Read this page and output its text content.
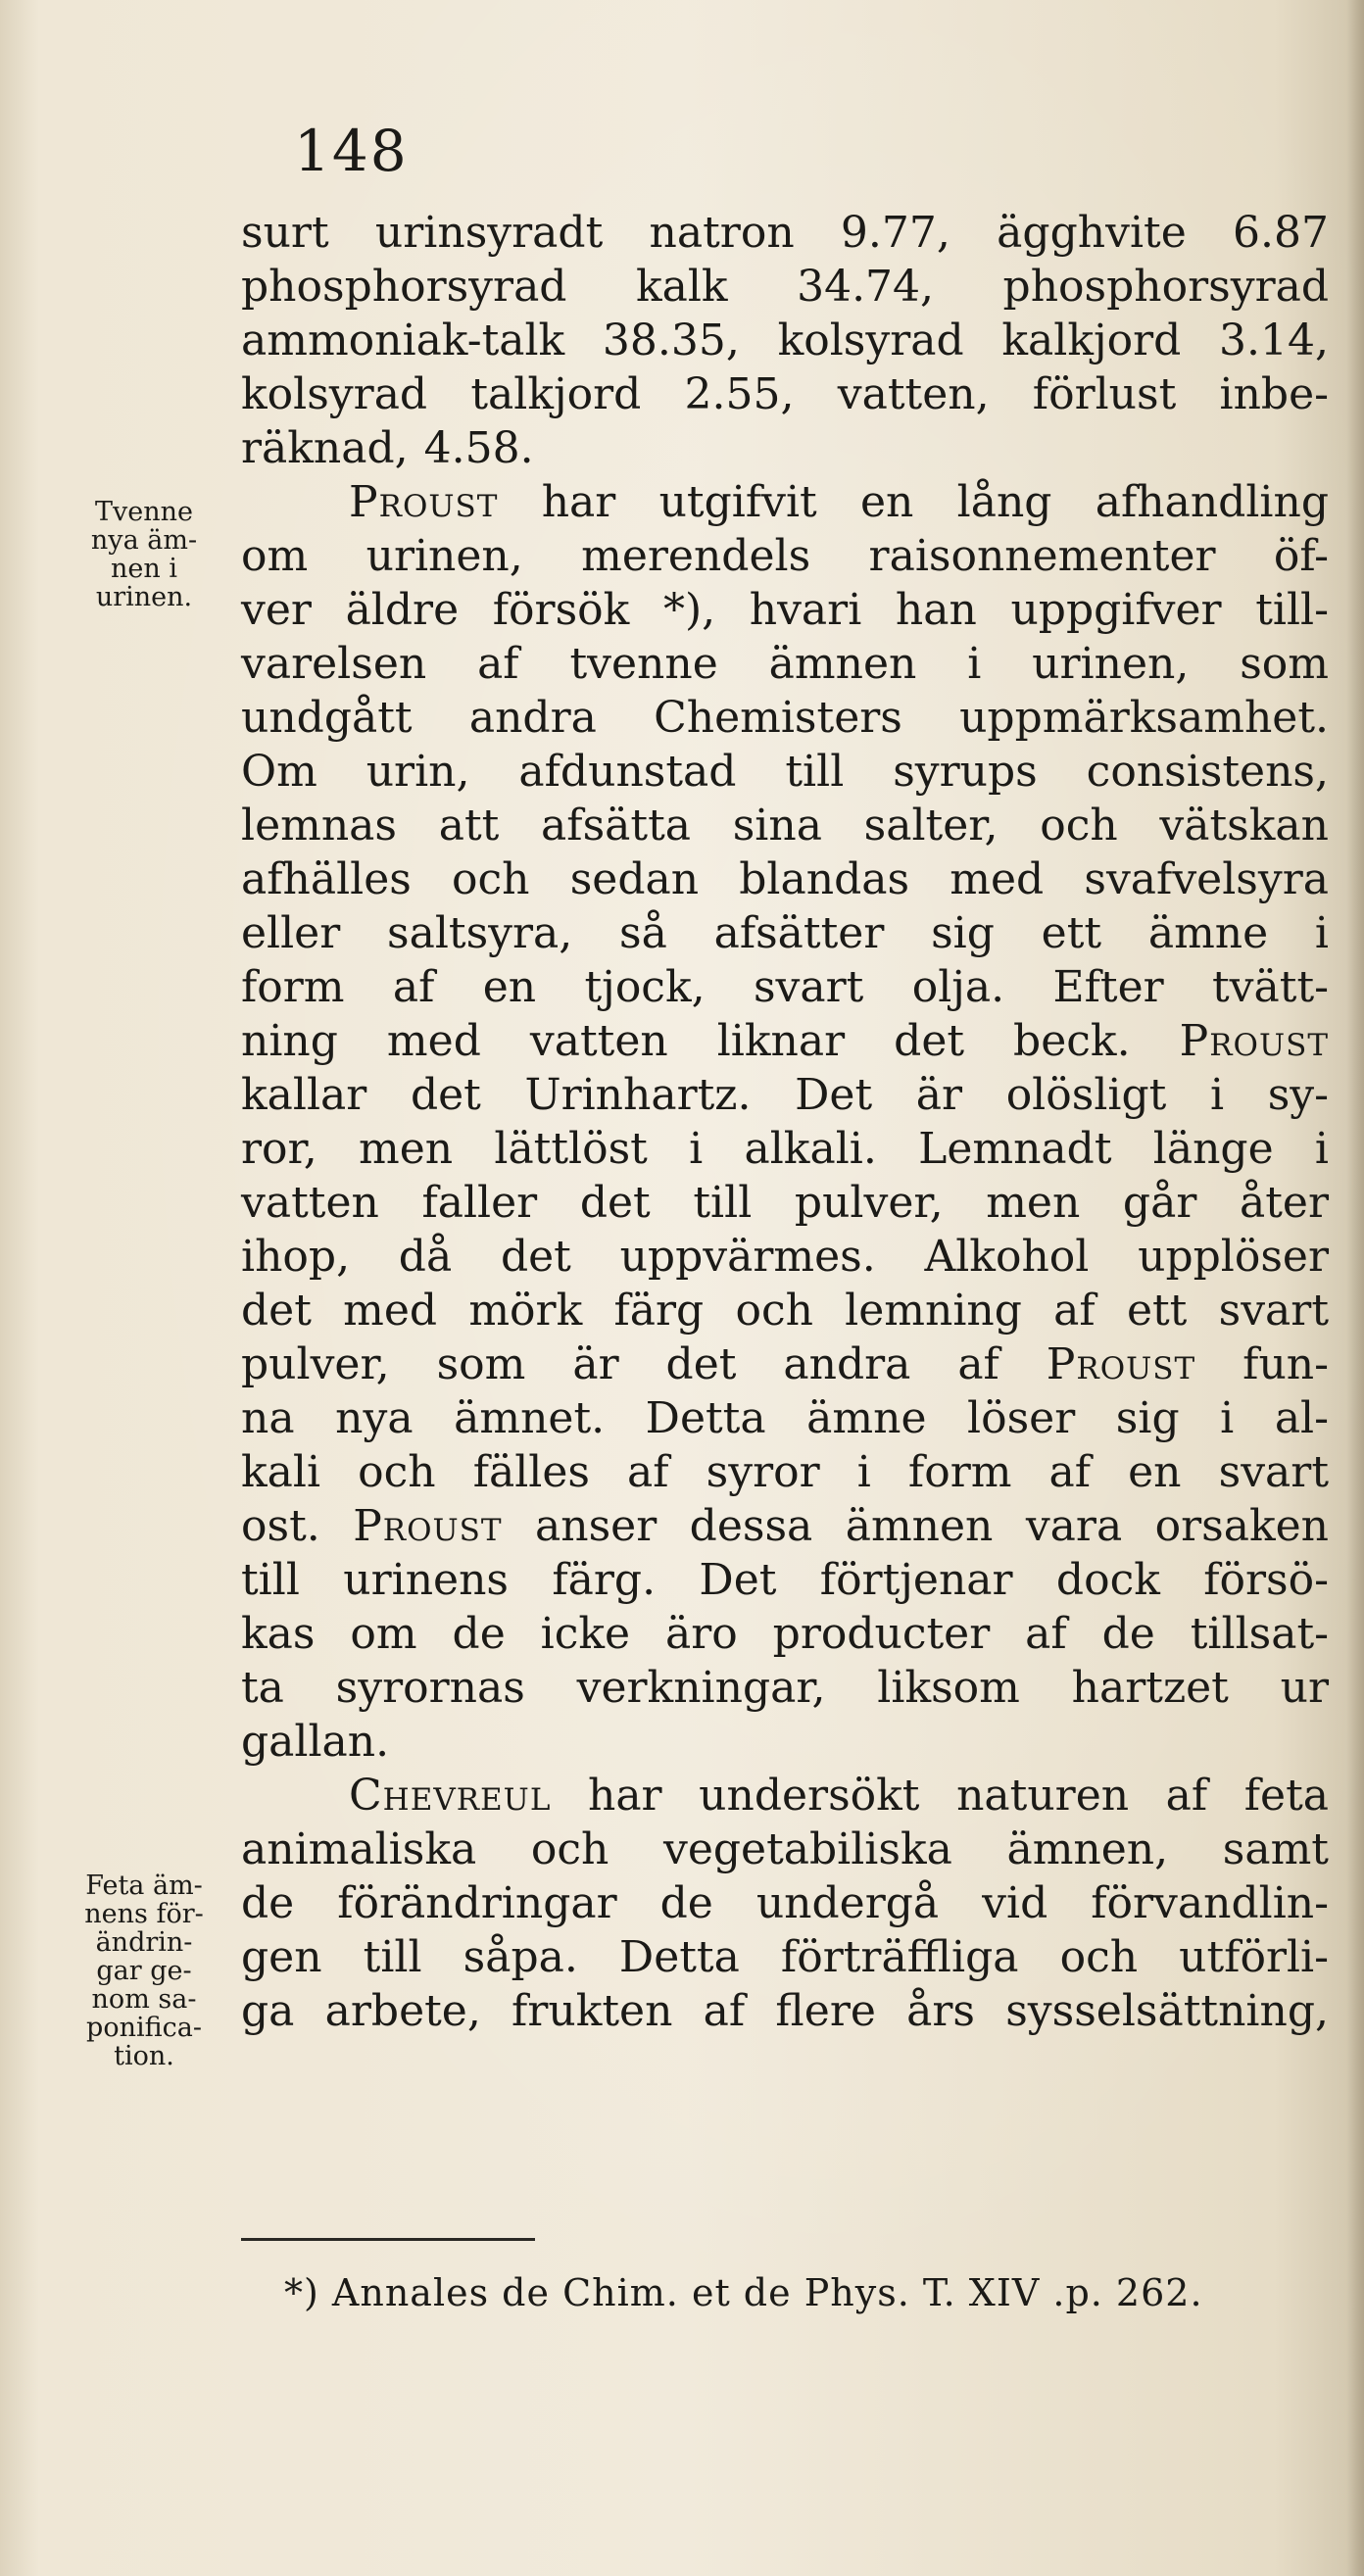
148
Tvenne
nya äm-
nen i
urinen.
Feta äm-
nens för-
ändrin-
gar ge-
nom sa-
ponifica-
tion.
surt urinsyradt natron 9.77, ägghvite 6.87
phosphorsyrad kalk 34.74, phosphorsyrad
ammoniak-talk 38.35, kolsyrad kalkjord 3.14,
kolsyrad talkjord 2.55, vatten, förlust inbe-
räknad, 4.58.
Proust har utgifvit en lång afhandling
om urinen, merendels raisonnementer öf-
ver äldre försök *), hvari han uppgifver till-
varelsen af tvenne ämnen i urinen, som
undgått andra Chemisters uppmärksamhet.
Om urin, afdunstad till syrups consistens,
lemnas att afsätta sina salter, och vätskan
afhälles och sedan blandas med svafvelsyra
eller saltsyra, så afsätter sig ett ämne i
form af en tjock, svart olja. Efter tvätt-
ning med vatten liknar det beck. Proust
kallar det Urinhartz. Det är olösligt i sy-
ror, men lättlöst i alkali. Lemnadt länge i
vatten faller det till pulver, men går åter
ihop, då det uppvärmes. Alkohol upplöser
det med mörk färg och lemning af ett svart
pulver, som är det andra af Proust fun-
na nya ämnet. Detta ämne löser sig i al-
kali och fälles af syror i form af en svart
ost. Proust anser dessa ämnen vara orsaken
till urinens färg. Det förtjenar dock försö-
kas om de icke äro producter af de tillsat-
ta syrornas verkningar, liksom hartzet ur
gallan.
Chevreul har undersökt naturen af feta
animaliska och vegetabiliska ämnen, samt
de förändringar de undergå vid förvandlin-
gen till såpa. Detta förträffliga och utförli-
ga arbete, frukten af flere års sysselsättning,
*) Annales de Chim. et de Phys. T. XIV .p. 262.
